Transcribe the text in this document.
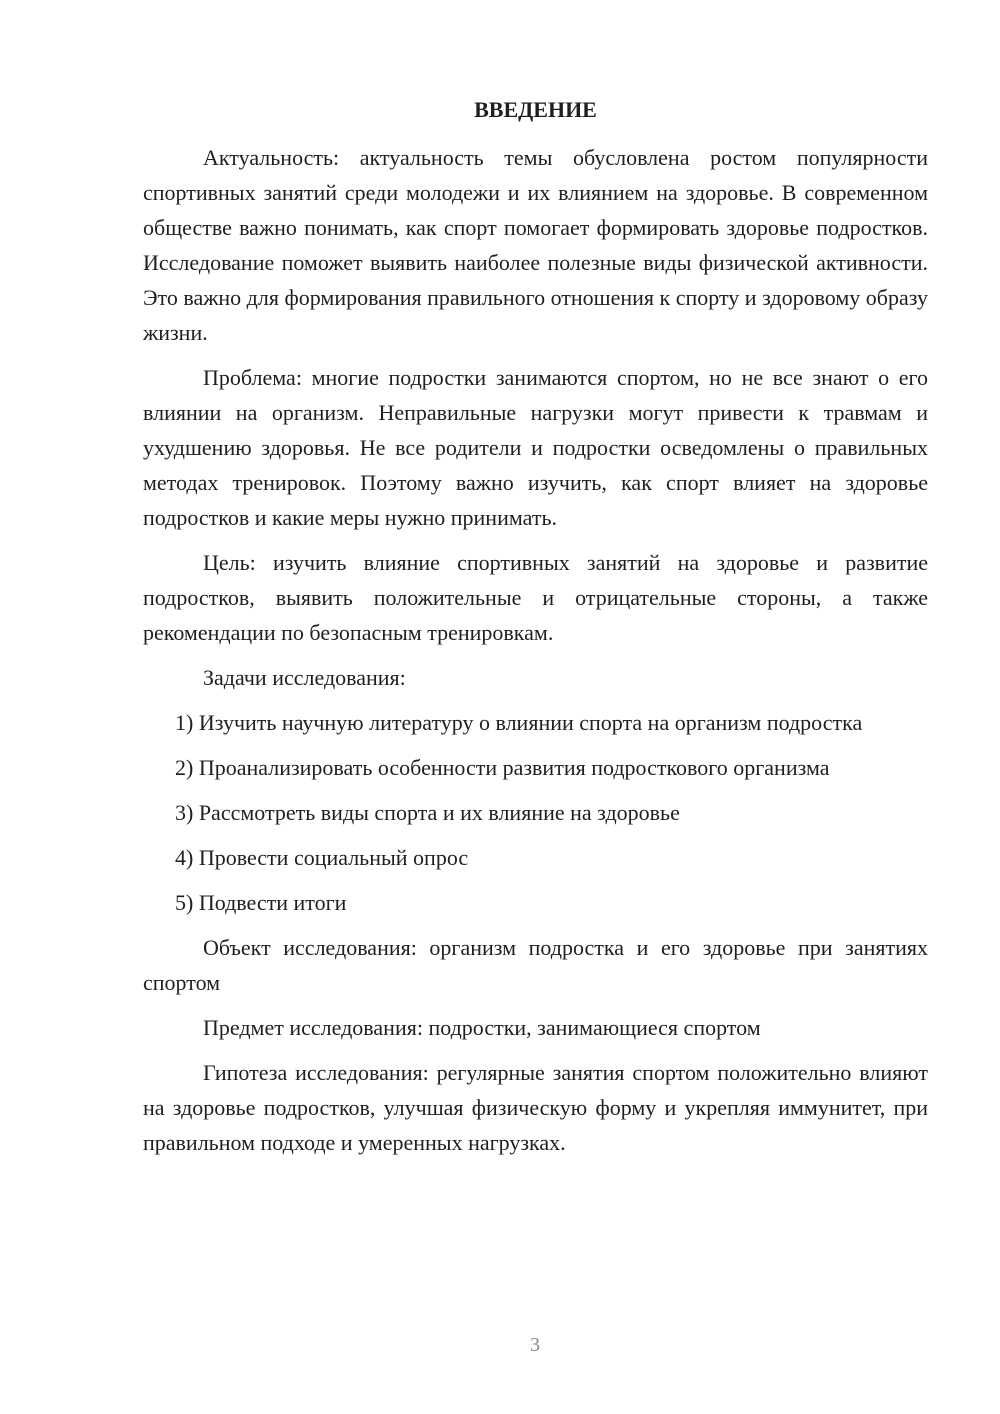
ВВЕДЕНИЕ

Актуальность: актуальность темы обусловлена ростом популярности спортивных занятий среди молодежи и их влиянием на здоровье. В современном обществе важно понимать, как спорт помогает формировать здоровье подростков. Исследование поможет выявить наиболее полезные виды физической активности. Это важно для формирования правильного отношения к спорту и здоровому образу жизни.

Проблема: многие подростки занимаются спортом, но не все знают о его влиянии на организм. Неправильные нагрузки могут привести к травмам и ухудшению здоровья. Не все родители и подростки осведомлены о правильных методах тренировок. Поэтому важно изучить, как спорт влияет на здоровье подростков и какие меры нужно принимать.

Цель: изучить влияние спортивных занятий на здоровье и развитие подростков, выявить положительные и отрицательные стороны, а также рекомендации по безопасным тренировкам.

Задачи исследования:

1) Изучить научную литературу о влиянии спорта на организм подростка
2) Проанализировать особенности развития подросткового организма
3) Рассмотреть виды спорта и их влияние на здоровье
4) Провести социальный опрос
5) Подвести итоги

Объект исследования: организм подростка и его здоровье при занятиях спортом

Предмет исследования: подростки, занимающиеся спортом

Гипотеза исследования: регулярные занятия спортом положительно влияют на здоровье подростков, улучшая физическую форму и укрепляя иммунитет, при правильном подходе и умеренных нагрузках.

3
